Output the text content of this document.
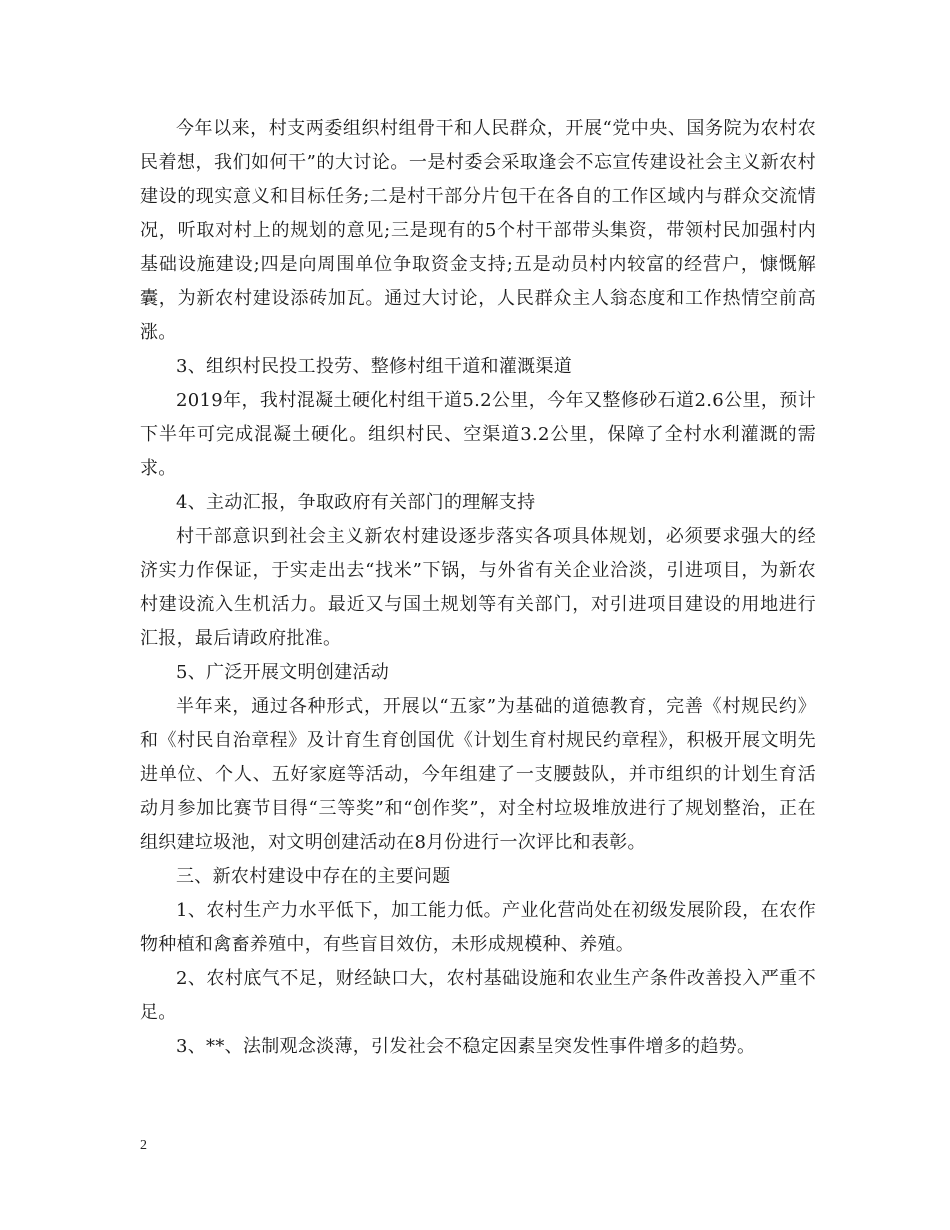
今年以来，村支两委组织村组骨干和人民群众，开展“党中央、国务院为农村农民着想，我们如何干”的大讨论。一是村委会采取逢会不忘宣传建设社会主义新农村建设的现实意义和目标任务;二是村干部分片包干在各自的工作区域内与群众交流情况，听取对村上的规划的意见;三是现有的5个村干部带头集资，带领村民加强村内基础设施建设;四是向周围单位争取资金支持;五是动员村内较富的经营户，慷慨解囊，为新农村建设添砖加瓦。通过大讨论，人民群众主人翁态度和工作热情空前高涨。

3、组织村民投工投劳、整修村组干道和灌溉渠道

2019年，我村混凝土硬化村组干道5.2公里，今年又整修砂石道2.6公里，预计下半年可完成混凝土硬化。组织村民、空渠道3.2公里，保障了全村水利灌溉的需求。

4、主动汇报，争取政府有关部门的理解支持

村干部意识到社会主义新农村建设逐步落实各项具体规划，必须要求强大的经济实力作保证，于实走出去“找米”下锅，与外省有关企业洽淡，引进项目，为新农村建设流入生机活力。最近又与国土规划等有关部门，对引进项目建设的用地进行汇报，最后请政府批准。

5、广泛开展文明创建活动

半年来，通过各种形式，开展以“五家”为基础的道德教育，完善《村规民约》和《村民自治章程》及计育生育创国优《计划生育村规民约章程》，积极开展文明先进单位、个人、五好家庭等活动，今年组建了一支腰鼓队，并市组织的计划生育活动月参加比赛节目得“三等奖”和“创作奖”，对全村垃圾堆放进行了规划整治，正在组织建垃圾池，对文明创建活动在8月份进行一次评比和表彰。

三、新农村建设中存在的主要问题

1、农村生产力水平低下，加工能力低。产业化营尚处在初级发展阶段，在农作物种植和禽畜养殖中，有些盲目效仿，未形成规模种、养殖。

2、农村底气不足，财经缺口大，农村基础设施和农业生产条件改善投入严重不足。

3、**、法制观念淡薄，引发社会不稳定因素呈突发性事件增多的趋势。

2
